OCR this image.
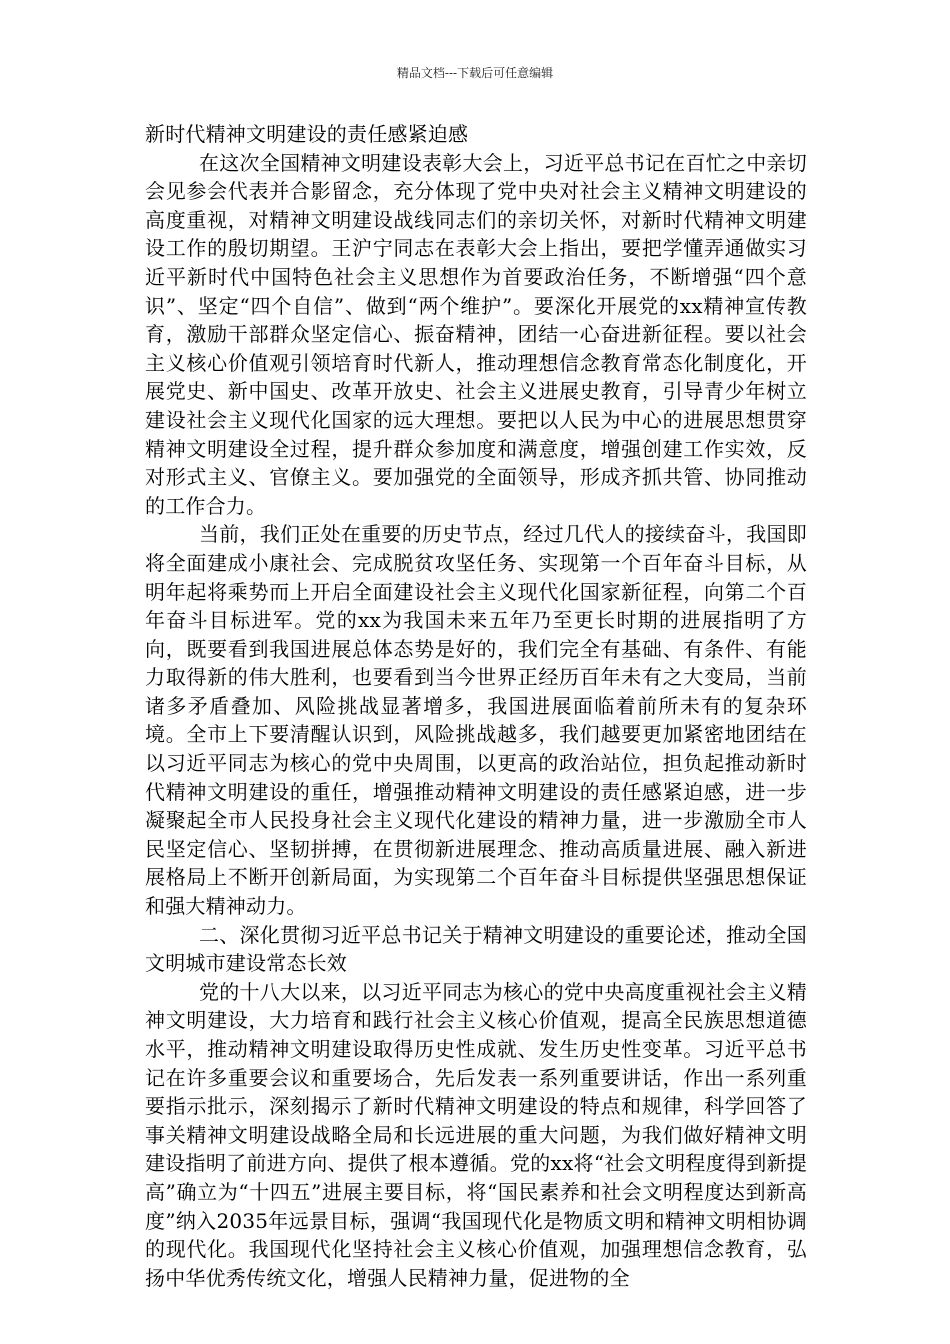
精品文档---下载后可任意编辑

新时代精神文明建设的责任感紧迫感

在这次全国精神文明建设表彰大会上，习近平总书记在百忙之中亲切会见参会代表并合影留念，充分体现了党中央对社会主义精神文明建设的高度重视，对精神文明建设战线同志们的亲切关怀，对新时代精神文明建设工作的殷切期望。王沪宁同志在表彰大会上指出，要把学懂弄通做实习近平新时代中国特色社会主义思想作为首要政治任务，不断增强“四个意识”、坚定“四个自信”、做到“两个维护”。要深化开展党的xx精神宣传教育，激励干部群众坚定信心、振奋精神，团结一心奋进新征程。要以社会主义核心价值观引领培育时代新人，推动理想信念教育常态化制度化，开展党史、新中国史、改革开放史、社会主义进展史教育，引导青少年树立建设社会主义现代化国家的远大理想。要把以人民为中心的进展思想贯穿精神文明建设全过程，提升群众参加度和满意度，增强创建工作实效，反对形式主义、官僚主义。要加强党的全面领导，形成齐抓共管、协同推动的工作合力。

当前，我们正处在重要的历史节点，经过几代人的接续奋斗，我国即将全面建成小康社会、完成脱贫攻坚任务、实现第一个百年奋斗目标，从明年起将乘势而上开启全面建设社会主义现代化国家新征程，向第二个百年奋斗目标进军。党的xx为我国未来五年乃至更长时期的进展指明了方向，既要看到我国进展总体态势是好的，我们完全有基础、有条件、有能力取得新的伟大胜利，也要看到当今世界正经历百年未有之大变局，当前诸多矛盾叠加、风险挑战显著增多，我国进展面临着前所未有的复杂环境。全市上下要清醒认识到，风险挑战越多，我们越要更加紧密地团结在以习近平同志为核心的党中央周围，以更高的政治站位，担负起推动新时代精神文明建设的重任，增强推动精神文明建设的责任感紧迫感，进一步凝聚起全市人民投身社会主义现代化建设的精神力量，进一步激励全市人民坚定信心、坚韧拼搏，在贯彻新进展理念、推动高质量进展、融入新进展格局上不断开创新局面，为实现第二个百年奋斗目标提供坚强思想保证和强大精神动力。

二、深化贯彻习近平总书记关于精神文明建设的重要论述，推动全国文明城市建设常态长效

党的十八大以来，以习近平同志为核心的党中央高度重视社会主义精神文明建设，大力培育和践行社会主义核心价值观，提高全民族思想道德水平，推动精神文明建设取得历史性成就、发生历史性变革。习近平总书记在许多重要会议和重要场合，先后发表一系列重要讲话，作出一系列重要指示批示，深刻揭示了新时代精神文明建设的特点和规律，科学回答了事关精神文明建设战略全局和长远进展的重大问题，为我们做好精神文明建设指明了前进方向、提供了根本遵循。党的xx将“社会文明程度得到新提高”确立为“十四五”进展主要目标，将“国民素养和社会文明程度达到新高度”纳入2035年远景目标，强调“我国现代化是物质文明和精神文明相协调的现代化。我国现代化坚持社会主义核心价值观，加强理想信念教育，弘扬中华优秀传统文化，增强人民精神力量，促进物的全
